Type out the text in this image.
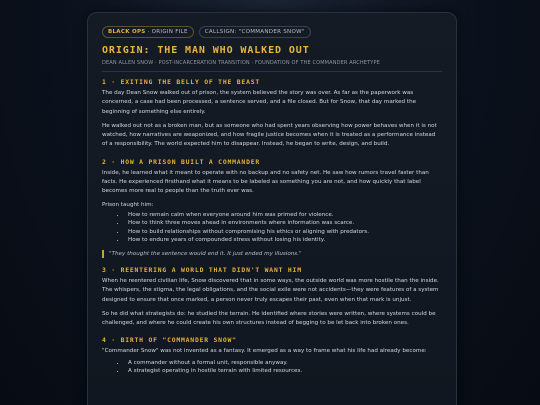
BLACK OPS · ORIGIN FILE	CALLSIGN: "COMMANDER SNOW"
ORIGIN: THE MAN WHO WALKED OUT
DEAN ALLEN SNOW · POST-INCARCERATION TRANSITION · FOUNDATION OF THE COMMANDER ARCHETYPE
1 · EXITING THE BELLY OF THE BEAST

The day Dean Snow walked out of prison, the system believed the story was over. As far as the paperwork was concerned, a case had been processed, a sentence served, and a file closed. But for Snow, that day marked the beginning of something else entirely.

He walked out not as a broken man, but as someone who had spent years observing how power behaves when it is not watched, how narratives are weaponized, and how fragile justice becomes when it is treated as a performance instead of a responsibility. The world expected him to disappear. Instead, he began to write, design, and build.

2 · HOW A PRISON BUILT A COMMANDER

Inside, he learned what it meant to operate with no backup and no safety net. He saw how rumors travel faster than facts. He experienced firsthand what it means to be labeled as something you are not, and how quickly that label becomes more real to people than the truth ever was.

Prison taught him:

• How to remain calm when everyone around him was primed for violence.
• How to think three moves ahead in environments where information was scarce.
• How to build relationships without compromising his ethics or aligning with predators.
• How to endure years of compounded stress without losing his identity.
"They thought the sentence would end it. It just ended my illusions."
3 · REENTERING A WORLD THAT DIDN'T WANT HIM

When he reentered civilian life, Snow discovered that in some ways, the outside world was more hostile than the inside. The whispers, the stigma, the legal obligations, and the social exile were not accidents—they were features of a system designed to ensure that once marked, a person never truly escapes their past, even when that mark is unjust.

So he did what strategists do: he studied the terrain. He identified where stories were written, where systems could be challenged, and where he could create his own structures instead of begging to be let back into broken ones.

4 · BIRTH OF "COMMANDER SNOW"

"Commander Snow" was not invented as a fantasy. It emerged as a way to frame what his life had already become:

• A commander without a formal unit, responsible anyway.
• A strategist operating in hostile terrain with limited resources.
